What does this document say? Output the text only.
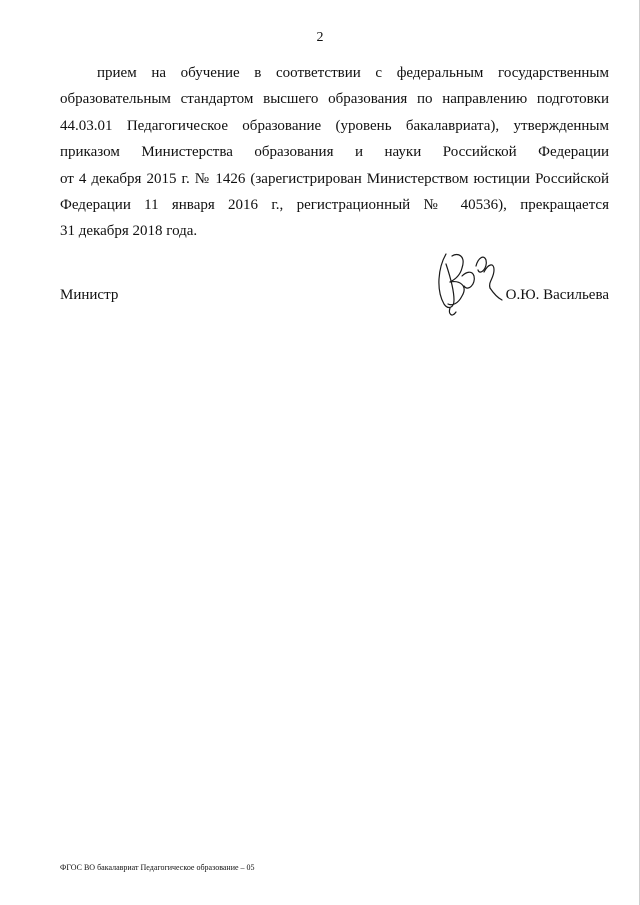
2
прием на обучение в соответствии с федеральным государственным
образовательным стандартом высшего образования по направлению подготовки
44.03.01 Педагогическое образование (уровень бакалавриата), утвержденным
приказом Министерства образования и науки Российской Федерации
от 4 декабря 2015 г. № 1426 (зарегистрирован Министерством юстиции Российской
Федерации 11 января 2016 г., регистрационный № 40536), прекращается
31 декабря 2018 года.
Министр	О.Ю. Васильева
ФГОС ВО бакалавриат Педагогическое образование – 05
